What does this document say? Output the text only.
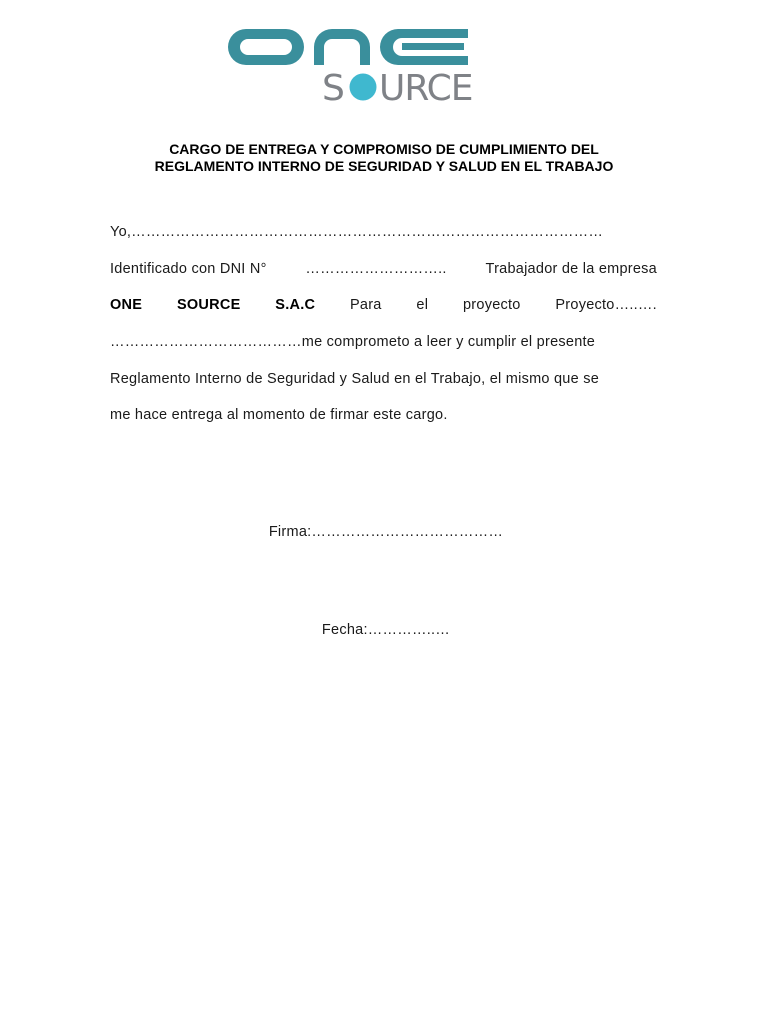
S URCE
CARGO DE ENTREGA Y COMPROMISO DE CUMPLIMIENTO DEL
REGLAMENTO INTERNO DE SEGURIDAD Y SALUD EN EL TRABAJO
Yo,……………………………………………………………………………………
Identificado con DNI N°	………………………..	Trabajador de la empresa
ONE SOURCE S.A.C Para el proyecto Proyecto…..….
…………………………………me comprometo a leer y cumplir el presente
Reglamento Interno de Seguridad y Salud en el Trabajo, el mismo que se
me hace entrega al momento de firmar este cargo.
Firma:…………………………………
Fecha:…………..…
